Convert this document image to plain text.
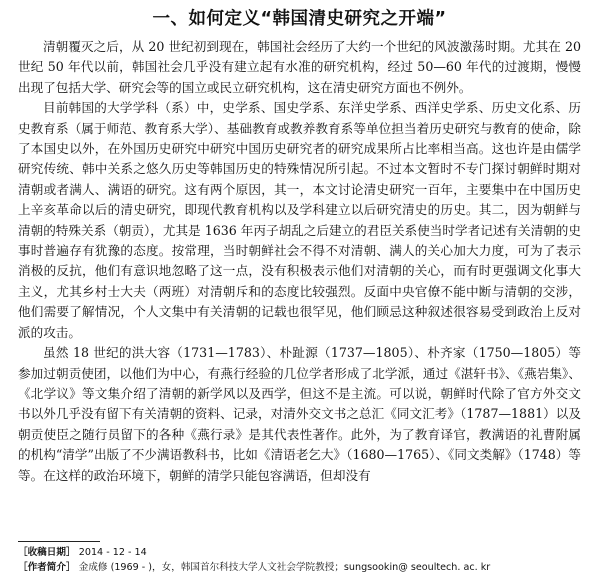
一、如何定义“韩国清史研究之开端”

清朝覆灭之后，从 20 世纪初到现在，韩国社会经历了大约一个世纪的风波激荡时期。尤其在 20 世纪 50 年代以前，韩国社会几乎没有建立起有水准的研究机构，经过 50—60 年代的过渡期，慢慢出现了包括大学、研究会等的国立或民立研究机构，这在清史研究方面也不例外。

目前韩国的大学学科（系）中，史学系、国史学系、东洋史学系、西洋史学系、历史文化系、历史教育系（属于师范、教育系大学）、基础教育或教养教育系等单位担当着历史研究与教育的使命，除了本国史以外，在外国历史研究中研究中国历史研究者的研究成果所占比率相当高。这也许是由儒学研究传统、韩中关系之悠久历史等韩国历史的特殊情况所引起。不过本文暂时不专门探讨朝鲜时期对清朝或者满人、满语的研究。这有两个原因，其一，本文讨论清史研究一百年，主要集中在中国历史上辛亥革命以后的清史研究，即现代教育机构以及学科建立以后研究清史的历史。其二，因为朝鲜与清朝的特殊关系（朝贡），尤其是 1636 年丙子胡乱之后建立的君臣关系使当时学者记述有关清朝的史事时普遍存有犹豫的态度。按常理，当时朝鲜社会不得不对清朝、满人的关心加大力度，可为了表示消极的反抗，他们有意识地忽略了这一点，没有积极表示他们对清朝的关心，而有时更强调文化事大主义，尤其乡村士大夫（两班）对清朝斥和的态度比较强烈。反面中央官僚不能中断与清朝的交涉，他们需要了解情况，个人文集中有关清朝的记载也很罕见，他们顾忌这种叙述很容易受到政治上反对派的攻击。

虽然 18 世纪的洪大容（1731—1783）、朴趾源（1737—1805）、朴齐家（1750—1805）等参加过朝贡使团，以他们为中心，有燕行经验的几位学者形成了北学派，通过《湛轩书》、《燕岩集》、《北学议》等文集介绍了清朝的新学风以及西学，但这不是主流。可以说，朝鲜时代除了官方外交文书以外几乎没有留下有关清朝的资料、记录，对清外交文书之总汇《同文汇考》（1787—1881）以及朝贡使臣之随行员留下的各种《燕行录》是其代表性著作。此外，为了教育译官，教满语的礼曹附属的机构“清学”出版了不少满语教科书，比如《清语老乞大》（1680—1765）、《同文类解》（1748）等等。在这样的政治环境下，朝鲜的清学只能包容满语，但却没有

［收稿日期］ 2014 - 12 - 14
［作者简介］ 金成修 (1969 - )，女，韩国首尔科技大学人文社会学院教授；sungsookin@ seoultech. ac. kr
